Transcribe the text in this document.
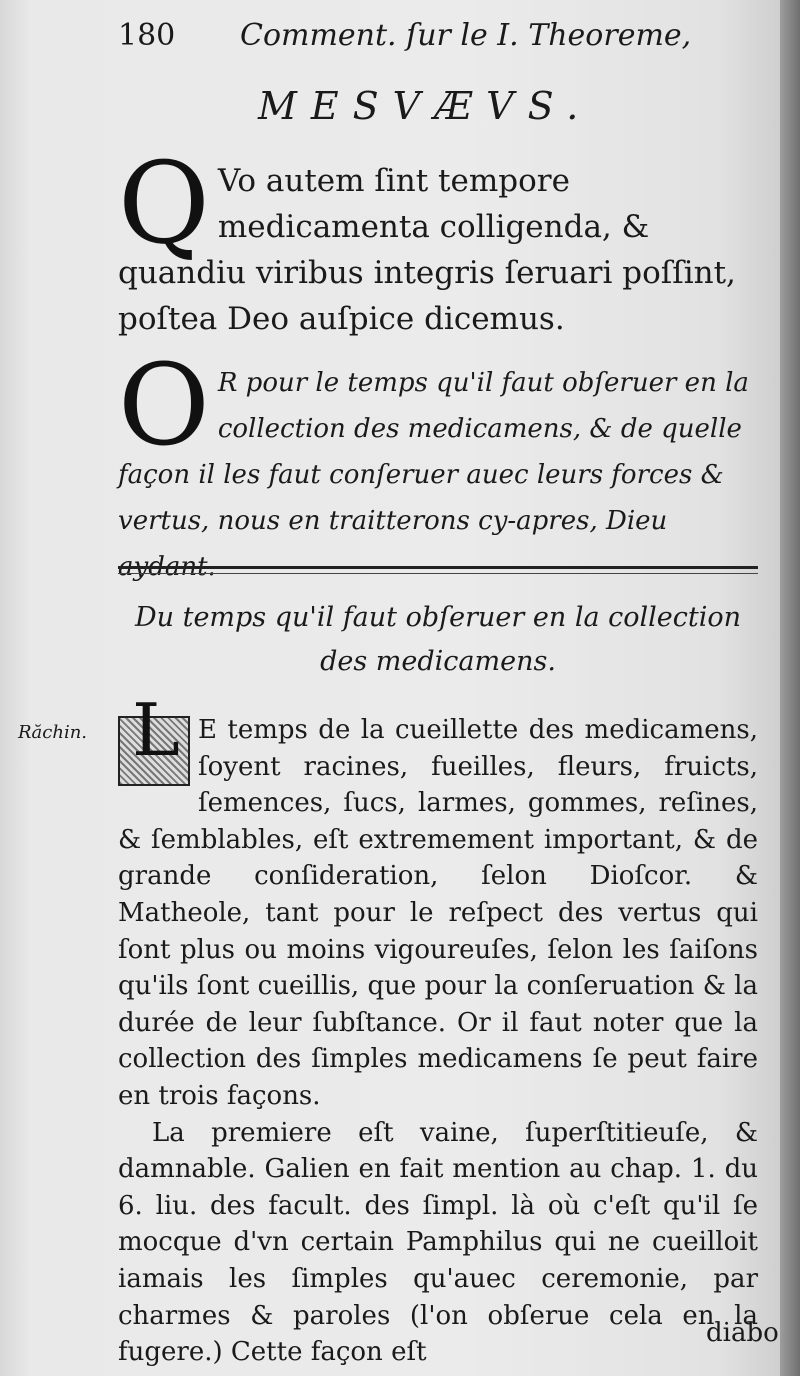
180 Comment. ſur le I. Theoreme,
MESVÆVS.
Q Vo autem ſint tempore medicamenta colligenda, & quandiu viribus integris ſeruari poſſint, poſtea Deo auſpice dicemus.
O R pour le temps qu'il faut obſeruer en la collection des medicamens, & de quelle façon il les faut conſeruer auec leurs forces & vertus, nous en traitterons cy-apres, Dieu aydant.
Du temps qu'il faut obſeruer en la collection des medicamens.
Răchin. L E temps de la cueillette des medicamens, ſoyent racines, fueilles, fleurs, fruicts, ſemences, ſucs, larmes, gommes, reſines, & ſemblables, eſt extremement important, & de grande conſideration, ſelon Dioſcor. & Matheole, tant pour le reſpect des vertus qui ſont plus ou moins vigoureuſes, ſelon les ſaiſons qu'ils ſont cueillis, que pour la conſeruation & la durée de leur ſubſtance. Or il faut noter que la collection des ſimples medicamens ſe peut faire en trois façons.

La premiere eſt vaine, ſuperſtitieuſe, & damnable. Galien en fait mention au chap. 1. du 6. liu. des facult. des ſimpl. là où c'eſt qu'il ſe mocque d'vn certain Pamphilus qui ne cueilloit iamais les ſimples qu'auec ceremonie, par charmes & paroles (l'on obſerue cela en la fugere.) Cette façon eſt

diabo
